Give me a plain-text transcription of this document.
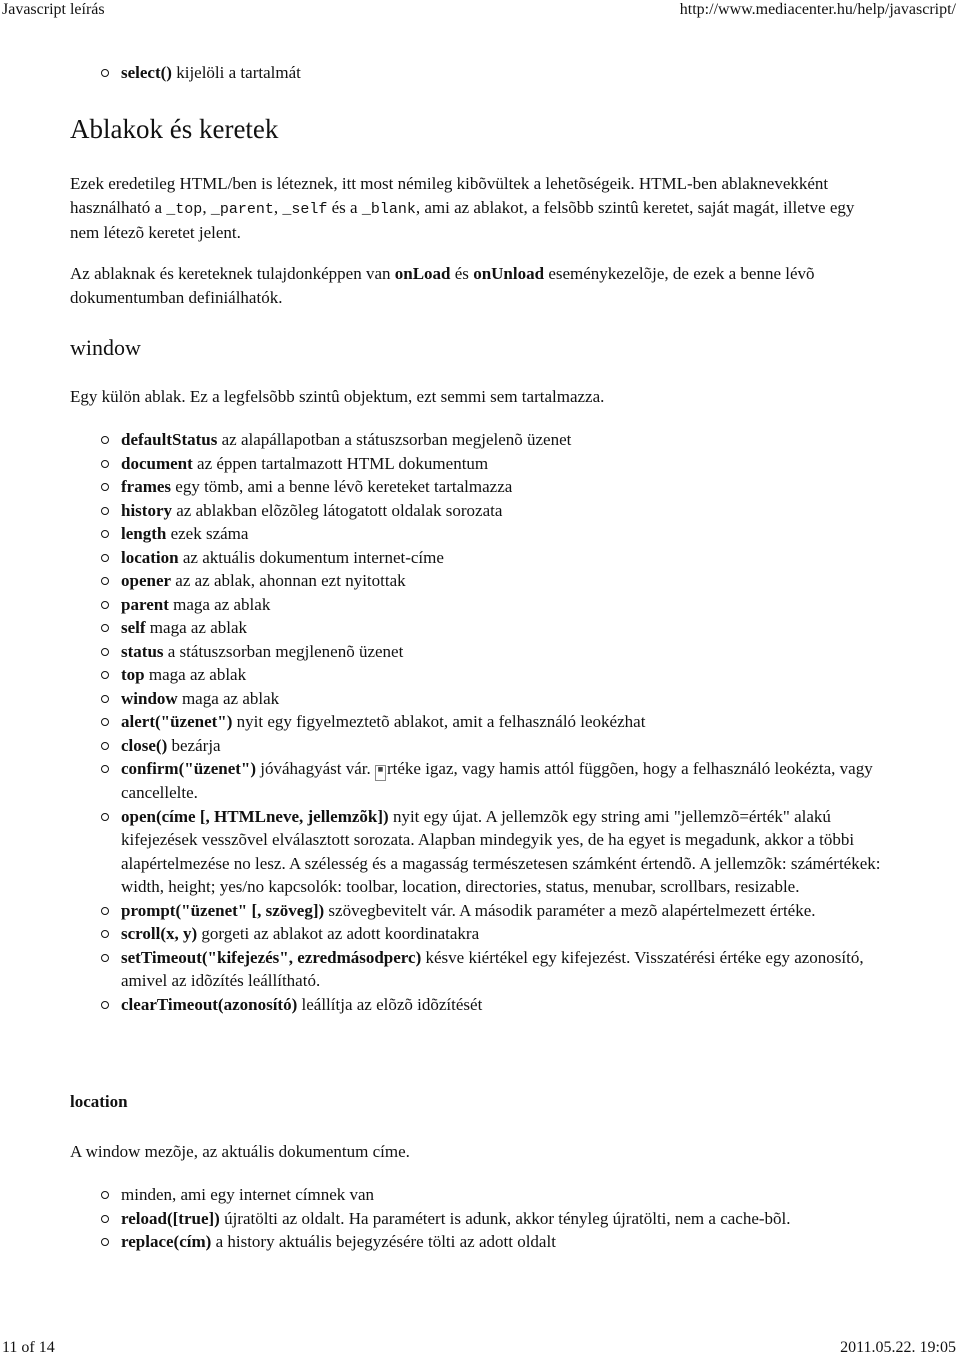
Javascript leírás	http://www.mediacenter.hu/help/javascript/
select() kijelöli a tartalmát
Ablakok és keretek

Ezek eredetileg HTML/ben is léteznek, itt most némileg kibõvültek a lehetõségeik. HTML-ben ablaknevekként használható a _top, _parent, _self és a _blank, ami az ablakot, a felsõbb szintû keretet, saját magát, illetve egy nem létezõ keretet jelent.

Az ablaknak és kereteknek tulajdonképpen van onLoad és onUnload eseménykezelõje, de ezek a benne lévõ dokumentumban definiálhatók.

window

Egy külön ablak. Ez a legfelsõbb szintû objektum, ezt semmi sem tartalmazza.

defaultStatus az alapállapotban a státuszsorban megjelenõ üzenet
document az éppen tartalmazott HTML dokumentum
frames egy tömb, ami a benne lévõ kereteket tartalmazza
history az ablakban elõzõleg látogatott oldalak sorozata
length ezek száma
location az aktuális dokumentum internet-címe
opener az az ablak, ahonnan ezt nyitottak
parent maga az ablak
self maga az ablak
status a státuszsorban megjlenenõ üzenet
top maga az ablak
window maga az ablak
alert("üzenet") nyit egy figyelmeztetõ ablakot, amit a felhasználó leokézhat
close() bezárja
confirm("üzenet") jóváhagyást vár. ■ rtéke igaz, vagy hamis attól függõen, hogy a felhasználó leokézta, vagy cancellelte.
open(címe [, HTMLneve, jellemzõk]) nyit egy újat. A jellemzõk egy string ami "jellemzõ=érték" alakú kifejezések vesszõvel elválasztott sorozata. Alapban mindegyik yes, de ha egyet is megadunk, akkor a többi alapértelmezése no lesz. A szélesség és a magasság természetesen számként értendõ. A jellemzõk: számértékek: width, height; yes/no kapcsolók: toolbar, location, directories, status, menubar, scrollbars, resizable.
prompt("üzenet" [, szöveg]) szövegbevitelt vár. A második paraméter a mezõ alapértelmezett értéke.
scroll(x, y) gorgeti az ablakot az adott koordinatakra
setTimeout("kifejezés", ezredmásodperc) késve kiértékel egy kifejezést. Visszatérési értéke egy azonosító, amivel az idõzítés leállítható.
clearTimeout(azonosító) leállítja az elõzõ idõzítését
location

A window mezõje, az aktuális dokumentum címe.

minden, ami egy internet címnek van
reload([true]) újratölti az oldalt. Ha paramétert is adunk, akkor tényleg újratölti, nem a cache-bõl.
replace(cím) a history aktuális bejegyzésére tölti az adott oldalt
11 of 14	2011.05.22. 19:05
